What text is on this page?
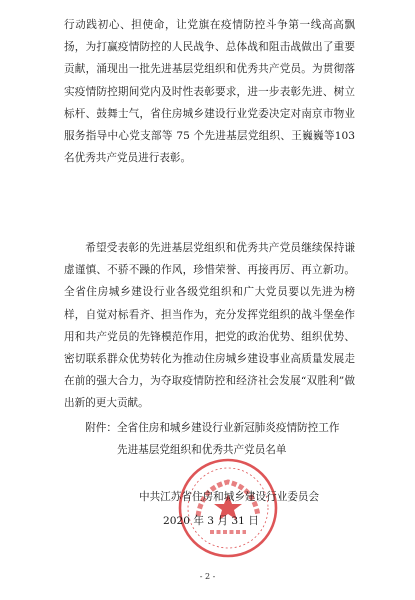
行动践初心、担使命，让党旗在疫情防控斗争第一线高高飘扬，为打赢疫情防控的人民战争、总体战和阻击战做出了重要贡献，涌现出一批先进基层党组织和优秀共产党员。为贯彻落实疫情防控期间党内及时性表彰要求，进一步表彰先进、树立标杆、鼓舞士气，省住房城乡建设行业党委决定对南京市物业服务指导中心党支部等 75 个先进基层党组织、王巍巍等103名优秀共产党员进行表彰。

希望受表彰的先进基层党组织和优秀共产党员继续保持谦虚谨慎、不骄不躁的作风，珍惜荣誉、再接再厉、再立新功。全省住房城乡建设行业各级党组织和广大党员要以先进为榜样，自觉对标看齐、担当作为，充分发挥党组织的战斗堡垒作用和共产党员的先锋模范作用，把党的政治优势、组织优势、密切联系群众优势转化为推动住房城乡建设事业高质量发展走在前的强大合力，为夺取疫情防控和经济社会发展“双胜利”做出新的更大贡献。

附件：全省住房和城乡建设行业新冠肺炎疫情防控工作
先进基层党组织和优秀共产党员名单
中共江苏省住房和城乡建设行业委员会
2020 年 3 月 31 日
- 2 -
